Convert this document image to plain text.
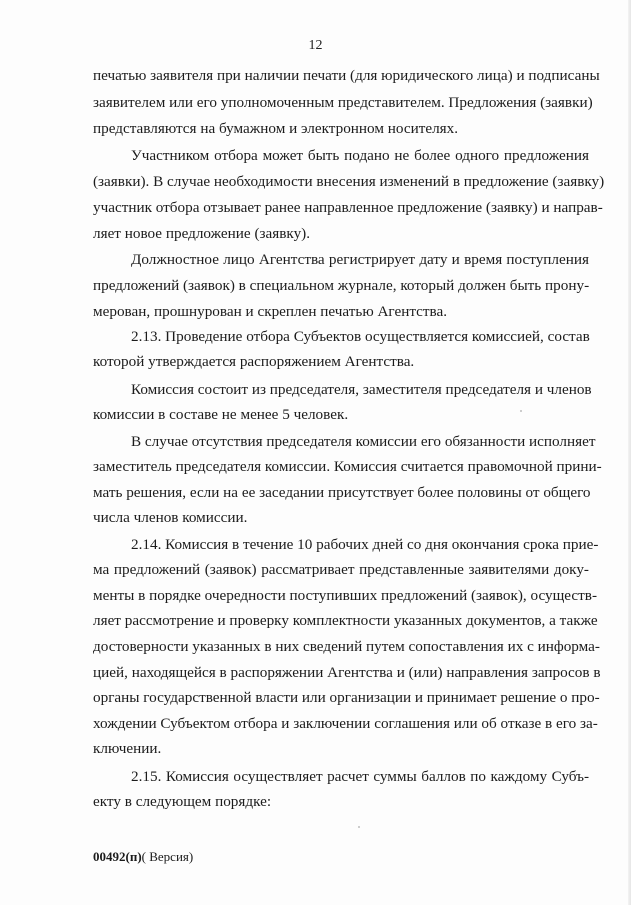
12
печатью заявителя при наличии печати (для юридического лица) и подписаны
заявителем или его уполномоченным представителем. Предложения (заявки)
представляются на бумажном и электронном носителях.
Участником отбора может быть подано не более одного предложения
(заявки). В случае необходимости внесения изменений в предложение (заявку)
участник отбора отзывает ранее направленное предложение (заявку) и направ-
ляет новое предложение (заявку).
Должностное лицо Агентства регистрирует дату и время поступления
предложений (заявок) в специальном журнале, который должен быть прону-
мерован, прошнурован и скреплен печатью Агентства.
2.13. Проведение отбора Субъектов осуществляется комиссией, состав
которой утверждается распоряжением Агентства.
Комиссия состоит из председателя, заместителя председателя и членов
комиссии в составе не менее 5 человек.
В случае отсутствия председателя комиссии его обязанности исполняет
заместитель председателя комиссии. Комиссия считается правомочной прини-
мать решения, если на ее заседании присутствует более половины от общего
числа членов комиссии.
2.14. Комиссия в течение 10 рабочих дней со дня окончания срока прие-
ма предложений (заявок) рассматривает представленные заявителями доку-
менты в порядке очередности поступивших предложений (заявок), осуществ-
ляет рассмотрение и проверку комплектности указанных документов, а также
достоверности указанных в них сведений путем сопоставления их с информа-
цией, находящейся в распоряжении Агентства и (или) направления запросов в
органы государственной власти или организации и принимает решение о про-
хождении Субъектом отбора и заключении соглашения или об отказе в его за-
ключении.
2.15. Комиссия осуществляет расчет суммы баллов по каждому Субъ-
екту в следующем порядке:
00492(п)( Версия)
